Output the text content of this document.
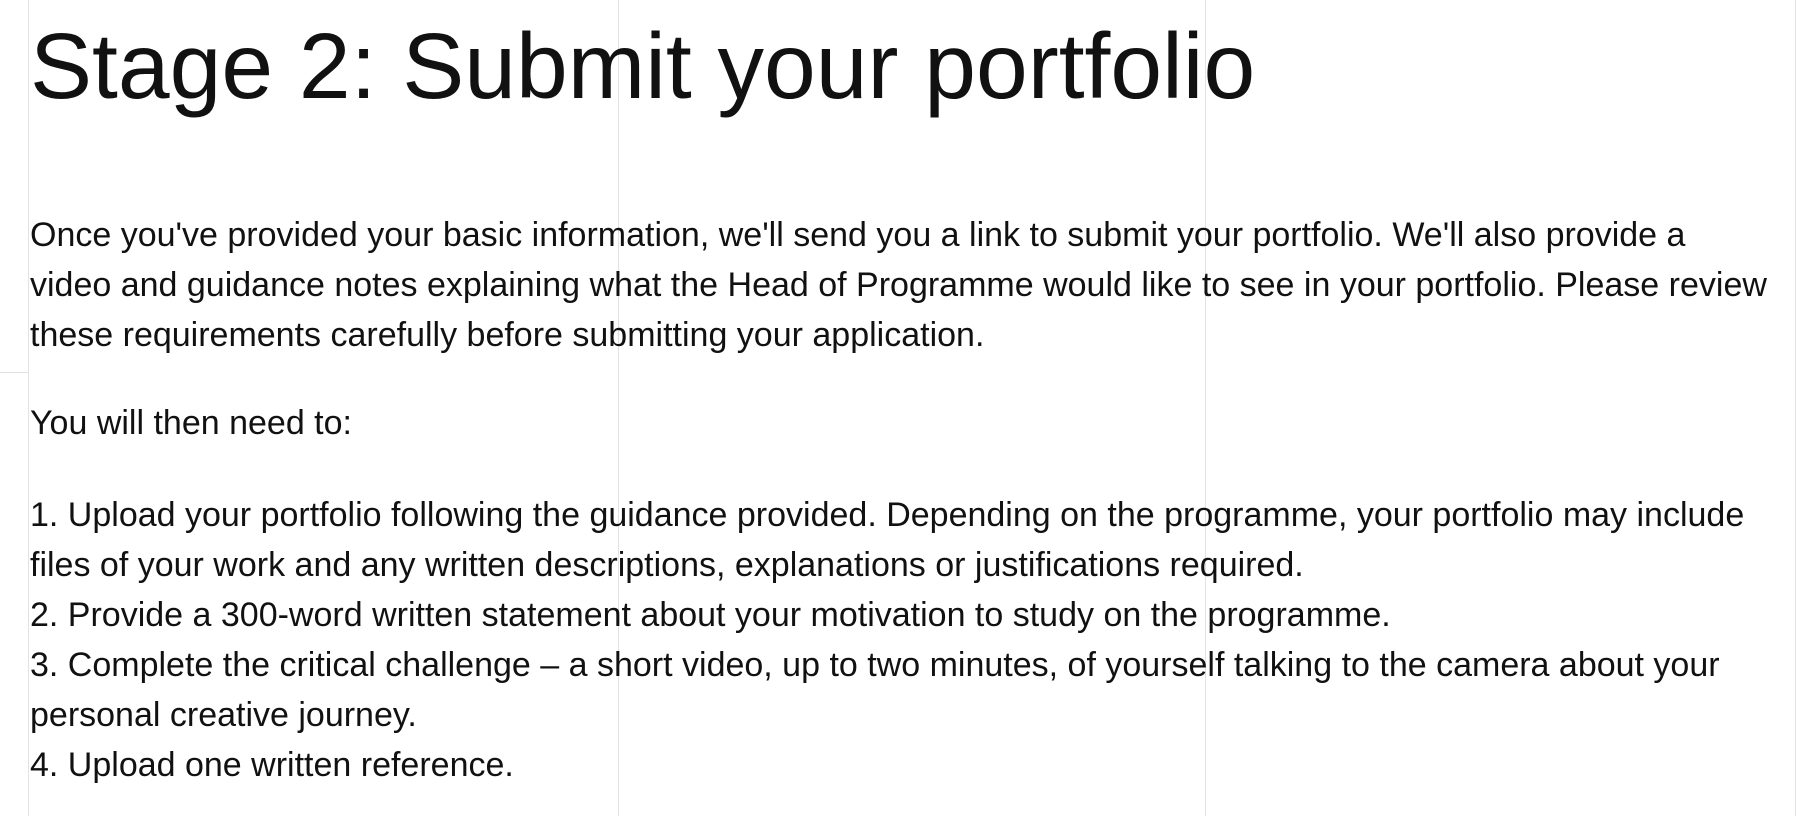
Stage 2: Submit your portfolio

Once you've provided your basic information, we'll send you a link to submit your portfolio. We'll also provide a video and guidance notes explaining what the Head of Programme would like to see in your portfolio. Please review these requirements carefully before submitting your application.

You will then need to:

1. Upload your portfolio following the guidance provided. Depending on the programme, your portfolio may include files of your work and any written descriptions, explanations or justifications required.
2. Provide a 300-word written statement about your motivation to study on the programme.
3. Complete the critical challenge – a short video, up to two minutes, of yourself talking to the camera about your personal creative journey.
4. Upload one written reference.
